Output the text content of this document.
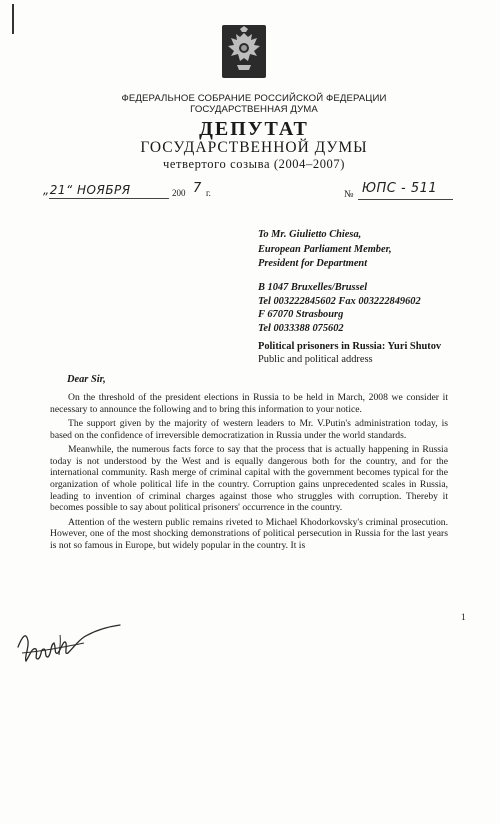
ФЕДЕРАЛЬНОЕ СОБРАНИЕ РОССИЙСКОЙ ФЕДЕРАЦИИ
ГОСУДАРСТВЕННАЯ ДУМА
ДЕПУТАТ
ГОСУДАРСТВЕННОЙ ДУМЫ
четвертого созыва (2004–2007)
„21“ НОЯБРЯ	200 7 г.	№ ЮПС - 511
To Mr. Giulietto Chiesa,
European Parliament Member,
President for Department
B 1047 Bruxelles/Brussel
Tel 003222845602 Fax 003222849602
F 67070 Strasbourg
Tel 0033388 075602
Political prisoners in Russia: Yuri Shutov
Public and political address
Dear Sir,

On the threshold of the president elections in Russia to be held in March, 2008 we consider it necessary to announce the following and to bring this information to your notice.

The support given by the majority of western leaders to Mr. V.Putin's administration today, is based on the confidence of irreversible democratization in Russia under the world standards.

Meanwhile, the numerous facts force to say that the process that is actually happening in Russia today is not understood by the West and is equally dangerous both for the country, and for the international community. Rash merge of criminal capital with the government becomes typical for the organization of whole political life in the country. Corruption gains unprecedented scales in Russia, leading to invention of criminal charges against those who struggles with corruption. Thereby it becomes possible to say about political prisoners' occurrence in the country.

Attention of the western public remains riveted to Michael Khodorkovsky's criminal prosecution. However, one of the most shocking demonstrations of political persecution in Russia for the last years is not so famous in Europe, but widely popular in the country. It is

1
